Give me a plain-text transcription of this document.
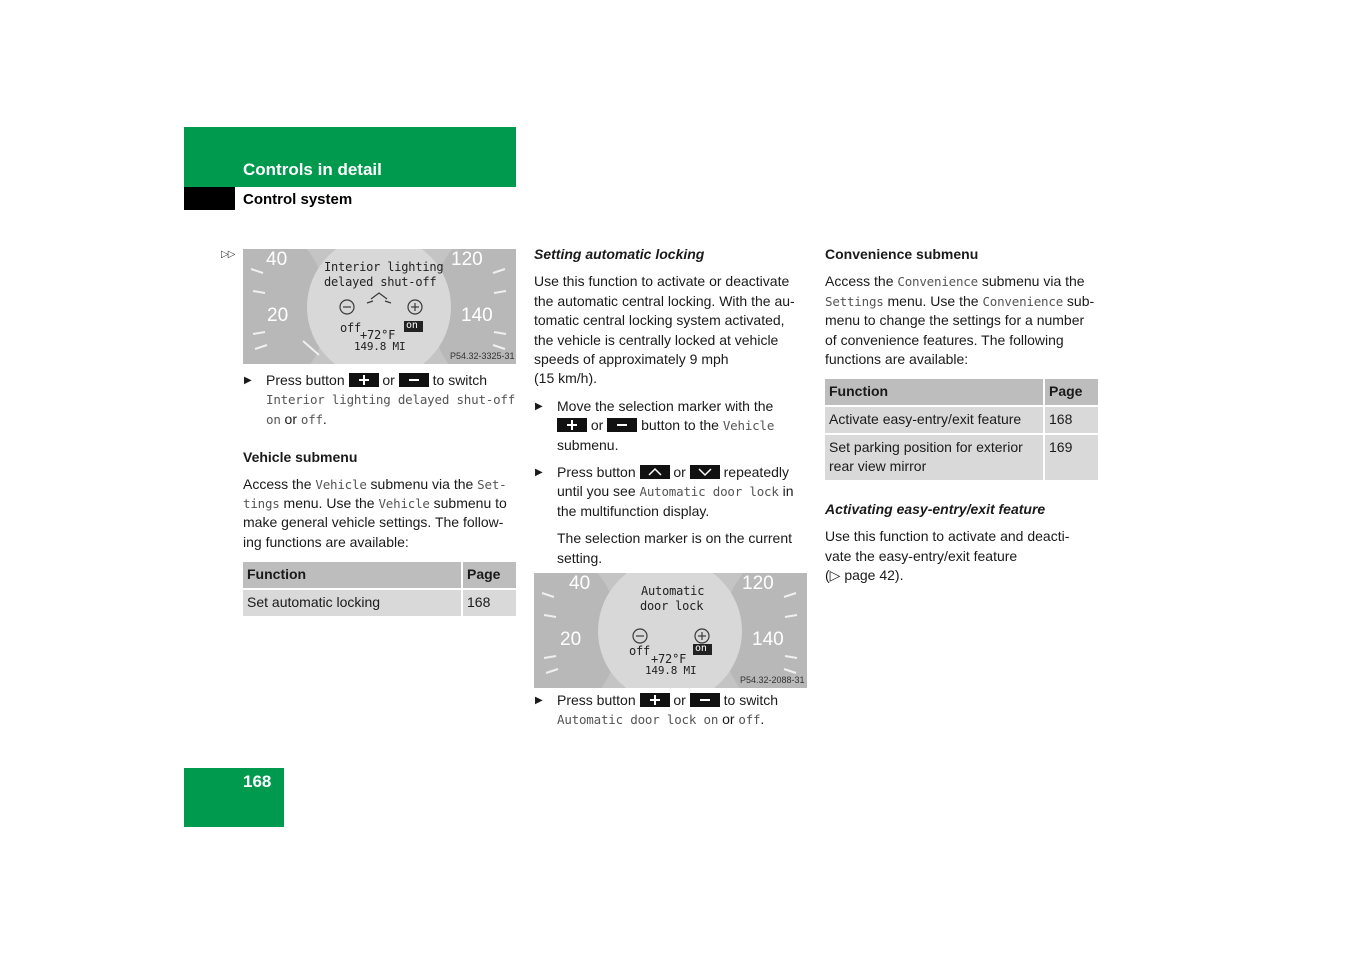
Controls in detail
Control system
▷▷ 40
20
120
140
Interior lighting
delayed shut-off
off	on
+72°F
149.8 MI
P54.32-3325-31
▶ Press button	or	to switch
Interior lighting delayed shut-off on or off.
Vehicle submenu

Access the Vehicle submenu via the Set-
tings menu. Use the Vehicle submenu to
make general vehicle settings. The follow-
ing functions are available:

Function	Page
Set automatic locking	168
Setting automatic locking

Use this function to activate or deactivate
the automatic central locking. With the au-
tomatic central locking system activated,
the vehicle is centrally locked at vehicle
speeds of approximately 9 mph
(15 km/h).

▶ Move the selection marker with the

or	button to the Vehicle
submenu.
▶ Press button	or	repeatedly
until you see Automatic door lock in
the multifunction display.

The selection marker is on the current
setting.

40
20
120
140
Automatic
door lock
off	on
+72°F
149.8 MI
P54.32-2088-31
▶ Press button	or	to switch
Automatic door lock on or off.
Convenience submenu

Access the Convenience submenu via the
Settings menu. Use the Convenience sub-
menu to change the settings for a number
of convenience features. The following
functions are available:

Function	Page
Activate easy-entry/exit feature	168
Set parking position for exterior rear view mirror	169
Activating easy-entry/exit feature

Use this function to activate and deacti-
vate the easy-entry/exit feature
(▷ page 42).

168
